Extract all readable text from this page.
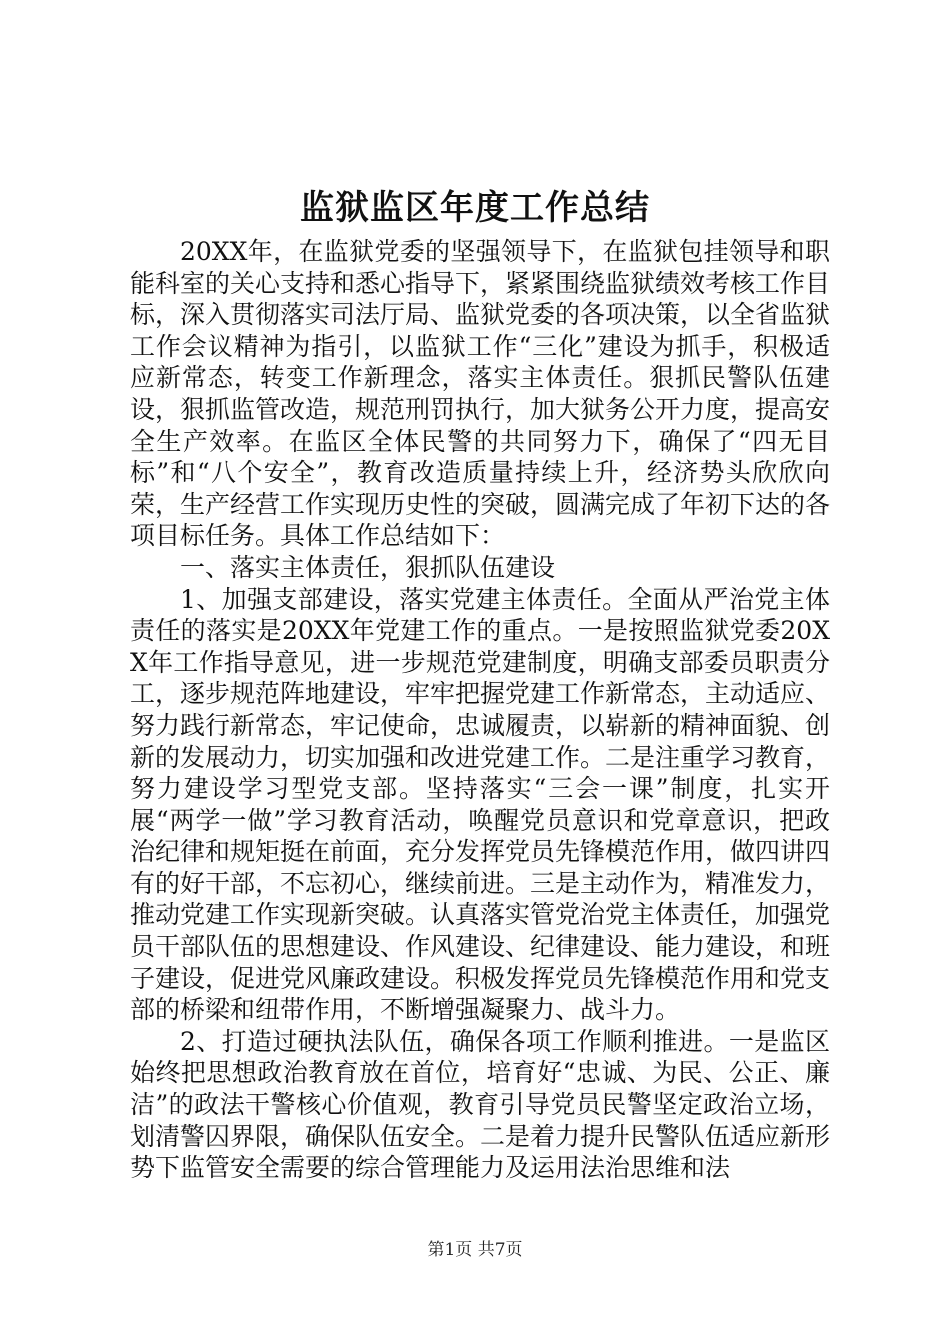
监狱监区年度工作总结

20XX年，在监狱党委的坚强领导下，在监狱包挂领导和职能科室的关心支持和悉心指导下，紧紧围绕监狱绩效考核工作目标，深入贯彻落实司法厅局、监狱党委的各项决策，以全省监狱工作会议精神为指引，以监狱工作“三化”建设为抓手，积极适应新常态，转变工作新理念，落实主体责任。狠抓民警队伍建设，狠抓监管改造，规范刑罚执行，加大狱务公开力度，提高安全生产效率。在监区全体民警的共同努力下，确保了“四无目标”和“八个安全”，教育改造质量持续上升，经济势头欣欣向荣，生产经营工作实现历史性的突破，圆满完成了年初下达的各项目标任务。具体工作总结如下：

一、落实主体责任，狠抓队伍建设

1、加强支部建设，落实党建主体责任。全面从严治党主体责任的落实是20XX年党建工作的重点。一是按照监狱党委20XX年工作指导意见，进一步规范党建制度，明确支部委员职责分工，逐步规范阵地建设，牢牢把握党建工作新常态，主动适应、努力践行新常态，牢记使命，忠诚履责，以崭新的精神面貌、创新的发展动力，切实加强和改进党建工作。二是注重学习教育，努力建设学习型党支部。坚持落实“三会一课”制度，扎实开展“两学一做”学习教育活动，唤醒党员意识和党章意识，把政治纪律和规矩挺在前面，充分发挥党员先锋模范作用，做四讲四有的好干部，不忘初心，继续前进。三是主动作为，精准发力，推动党建工作实现新突破。认真落实管党治党主体责任，加强党员干部队伍的思想建设、作风建设、纪律建设、能力建设，和班子建设，促进党风廉政建设。积极发挥党员先锋模范作用和党支部的桥梁和纽带作用，不断增强凝聚力、战斗力。

2、打造过硬执法队伍，确保各项工作顺利推进。一是监区始终把思想政治教育放在首位，培育好“忠诚、为民、公正、廉洁”的政法干警核心价值观，教育引导党员民警坚定政治立场，划清警囚界限，确保队伍安全。二是着力提升民警队伍适应新形势下监管安全需要的综合管理能力及运用法治思维和法

第1页 共7页
